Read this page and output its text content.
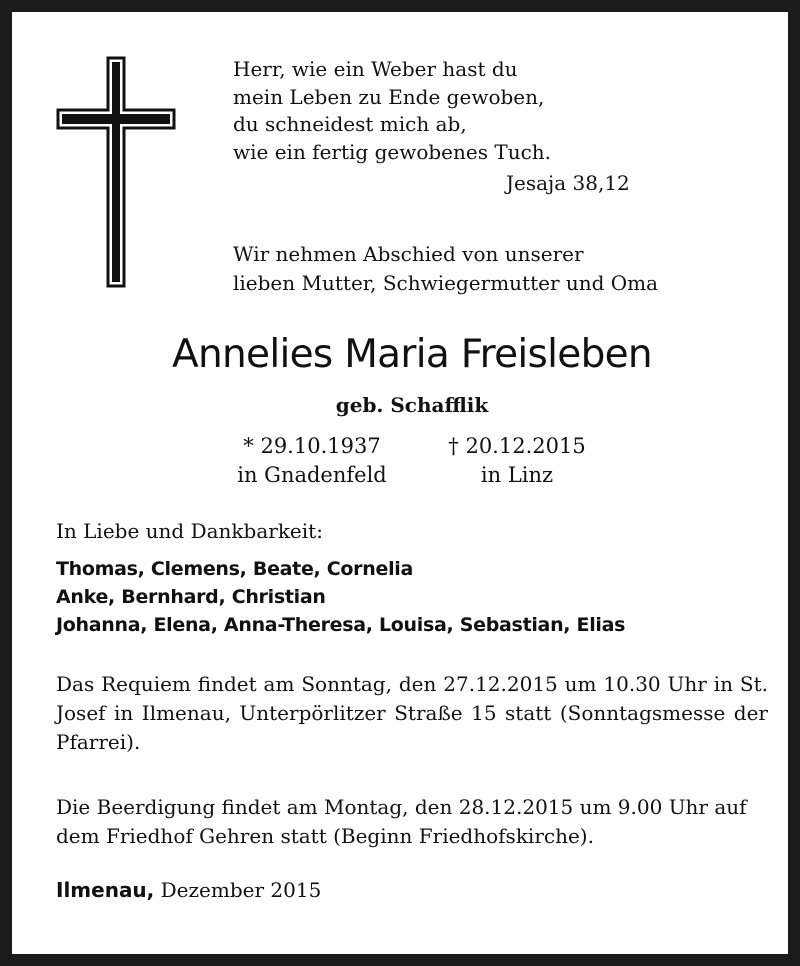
Herr, wie ein Weber hast du
mein Leben zu Ende gewoben,
du schneidest mich ab,
wie ein fertig gewobenes Tuch.
Jesaja 38,12
Wir nehmen Abschied von unserer
lieben Mutter, Schwiegermutter und Oma
Annelies Maria Freisleben
geb. Schafflik
* 29.10.1937
in Gnadenfeld
† 20.12.2015
in Linz
In Liebe und Dankbarkeit:
Thomas, Clemens, Beate, Cornelia
Anke, Bernhard, Christian
Johanna, Elena, Anna-Theresa, Louisa, Sebastian, Elias
Das Requiem findet am Sonntag, den 27.12.2015 um 10.30 Uhr in St. Josef in Ilmenau, Unterpörlitzer Straße 15 statt (Sonntagsmesse der Pfarrei).
Die Beerdigung findet am Montag, den 28.12.2015 um 9.00 Uhr auf dem Friedhof Gehren statt (Beginn Friedhofskirche).
Ilmenau, Dezember 2015
